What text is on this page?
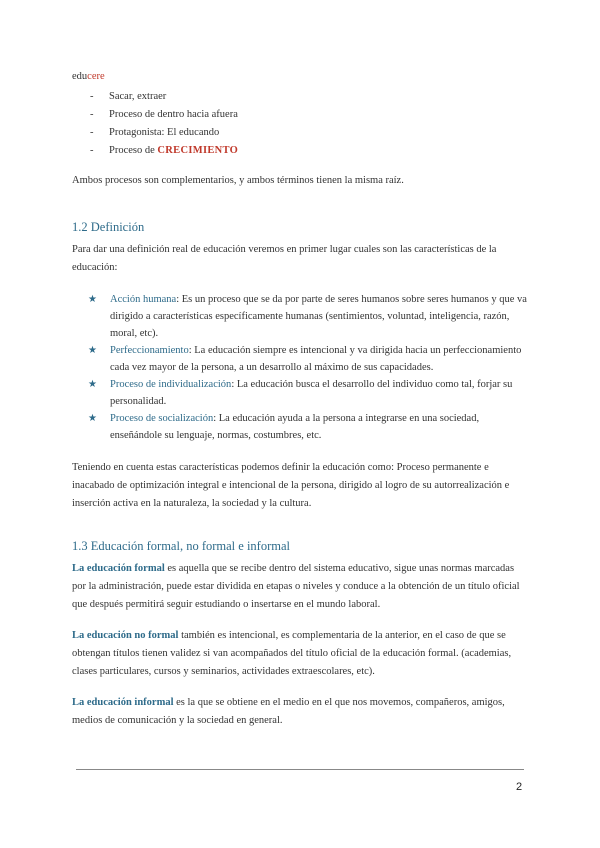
educere
- Sacar, extraer
- Proceso de dentro hacia afuera
- Protagonista: El educando
- Proceso de CRECIMIENTO

Ambos procesos son complementarios, y ambos términos tienen la misma raíz.

1.2 Definición

Para dar una definición real de educación veremos en primer lugar cuales son las características de la educación:

★ Acción humana: Es un proceso que se da por parte de seres humanos sobre seres humanos y que va dirigido a características específicamente humanas (sentimientos, voluntad, inteligencia, razón, moral, etc).
★ Perfeccionamiento: La educación siempre es intencional y va dirigida hacia un perfeccionamiento cada vez mayor de la persona, a un desarrollo al máximo de sus capacidades.
★ Proceso de individualización: La educación busca el desarrollo del individuo como tal, forjar su personalidad.
★ Proceso de socialización: La educación ayuda a la persona a integrarse en una sociedad, enseñándole su lenguaje, normas, costumbres, etc.

Teniendo en cuenta estas características podemos definir la educación como: Proceso permanente e inacabado de optimización integral e intencional de la persona, dirigido al logro de su autorrealización e inserción activa en la naturaleza, la sociedad y la cultura.

1.3 Educación formal, no formal e informal

La educación formal es aquella que se recibe dentro del sistema educativo, sigue unas normas marcadas por la administración, puede estar dividida en etapas o niveles y conduce a la obtención de un título oficial que después permitirá seguir estudiando o insertarse en el mundo laboral.

La educación no formal también es intencional, es complementaria de la anterior, en el caso de que se obtengan títulos tienen validez si van acompañados del título oficial de la educación formal. (academias, clases particulares, cursos y seminarios, actividades extraescolares, etc).

La educación informal es la que se obtiene en el medio en el que nos movemos, compañeros, amigos, medios de comunicación y la sociedad en general.

2
